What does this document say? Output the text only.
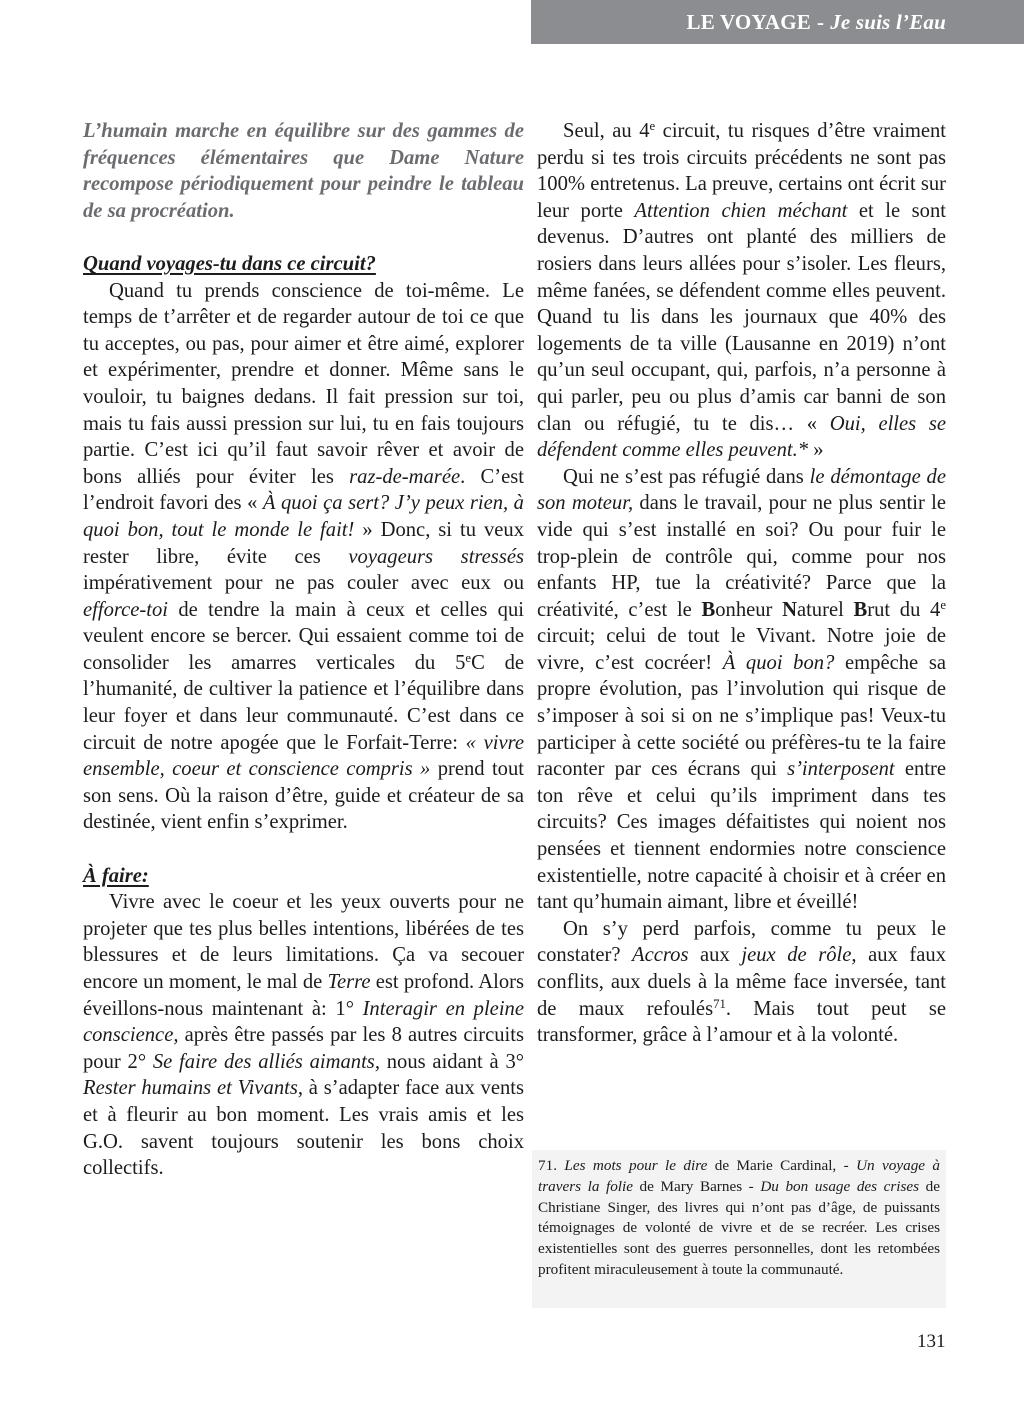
LE VOYAGE - Je suis l’Eau

L’humain marche en équilibre sur des gammes de fréquences élémentaires que Dame Nature recompose périodiquement pour peindre le tableau de sa procréation.

Quand voyages-tu dans ce circuit?

Quand tu prends conscience de toi-même. Le temps de t’arrêter et de regarder autour de toi ce que tu acceptes, ou pas, pour aimer et être aimé, explorer et expérimenter, prendre et donner. Même sans le vouloir, tu baignes dedans. Il fait pression sur toi, mais tu fais aussi pression sur lui, tu en fais toujours partie. C’est ici qu’il faut savoir rêver et avoir de bons alliés pour éviter les raz-de-marée. C’est l’endroit favori des « À quoi ça sert? J’y peux rien, à quoi bon, tout le monde le fait! » Donc, si tu veux rester libre, évite ces voyageurs stressés impérativement pour ne pas couler avec eux ou efforce-toi de tendre la main à ceux et celles qui veulent encore se bercer. Qui essaient comme toi de consolider les amarres verticales du 5eC de l’humanité, de cultiver la patience et l’équilibre dans leur foyer et dans leur communauté. C’est dans ce circuit de notre apogée que le Forfait-Terre: « vivre ensemble, coeur et conscience compris » prend tout son sens. Où la raison d’être, guide et créateur de sa destinée, vient enfin s’exprimer.

À faire:

Vivre avec le coeur et les yeux ouverts pour ne projeter que tes plus belles intentions, libérées de tes blessures et de leurs limitations. Ça va secouer encore un moment, le mal de Terre est profond. Alors éveillons-nous maintenant à: 1° Interagir en pleine conscience, après être passés par les 8 autres circuits pour 2° Se faire des alliés aimants, nous aidant à 3° Rester humains et Vivants, à s’adapter face aux vents et à fleurir au bon moment. Les vrais amis et les G.O. savent toujours soutenir les bons choix collectifs.

Seul, au 4e circuit, tu risques d’être vraiment perdu si tes trois circuits précédents ne sont pas 100% entretenus. La preuve, certains ont écrit sur leur porte Attention chien méchant et le sont devenus. D’autres ont planté des milliers de rosiers dans leurs allées pour s’isoler. Les fleurs, même fanées, se défendent comme elles peuvent. Quand tu lis dans les journaux que 40% des logements de ta ville (Lausanne en 2019) n’ont qu’un seul occupant, qui, parfois, n’a personne à qui parler, peu ou plus d’amis car banni de son clan ou réfugié, tu te dis… « Oui, elles se défendent comme elles peuvent.* »

Qui ne s’est pas réfugié dans le démontage de son moteur, dans le travail, pour ne plus sentir le vide qui s’est installé en soi? Ou pour fuir le trop-plein de contrôle qui, comme pour nos enfants HP, tue la créativité? Parce que la créativité, c’est le Bonheur Naturel Brut du 4e circuit; celui de tout le Vivant. Notre joie de vivre, c’est cocréer! À quoi bon? empêche sa propre évolution, pas l’involution qui risque de s’imposer à soi si on ne s’implique pas! Veux-tu participer à cette société ou préfères-tu te la faire raconter par ces écrans qui s’interposent entre ton rêve et celui qu’ils impriment dans tes circuits? Ces images défaitistes qui noient nos pensées et tiennent endormies notre conscience existentielle, notre capacité à choisir et à créer en tant qu’humain aimant, libre et éveillé!

On s’y perd parfois, comme tu peux le constater? Accros aux jeux de rôle, aux faux conflits, aux duels à la même face inversée, tant de maux refoulés$^{71}$. Mais tout peut se transformer, grâce à l’amour et à la volonté.

71. Les mots pour le dire de Marie Cardinal, - Un voyage à travers la folie de Mary Barnes - Du bon usage des crises de Christiane Singer, des livres qui n’ont pas d’âge, de puissants témoignages de volonté de vivre et de se recréer. Les crises existentielles sont des guerres personnelles, dont les retombées profitent miraculeusement à toute la communauté.
131
